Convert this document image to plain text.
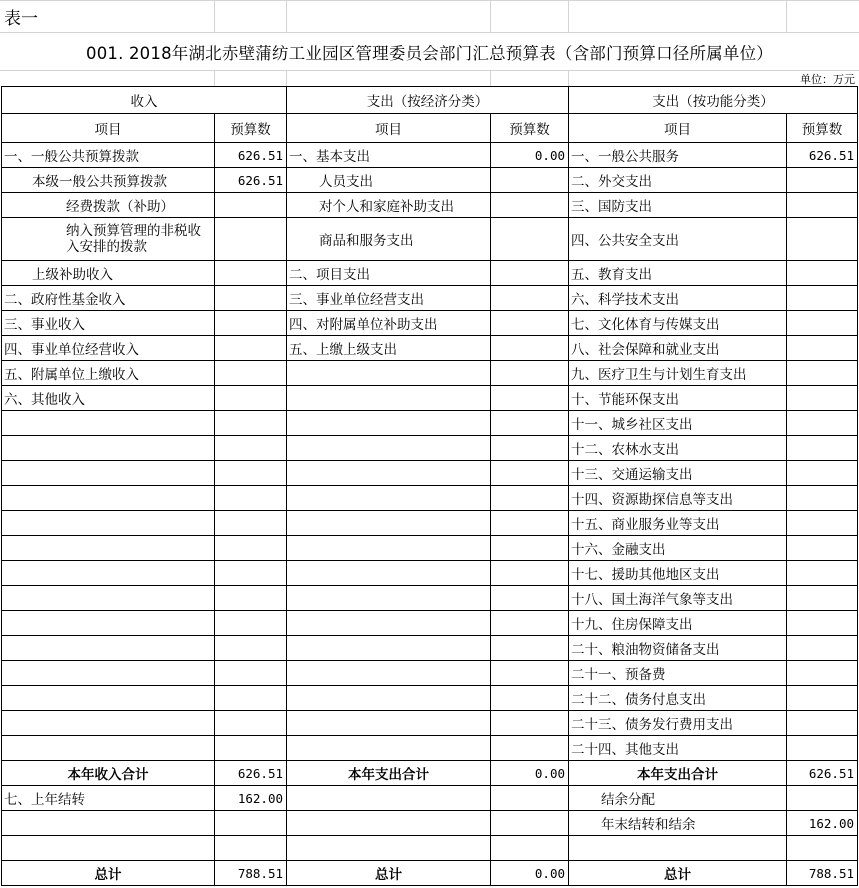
表一
001. 2018年湖北赤壁蒲纺工业园区管理委员会部门汇总预算表（含部门预算口径所属单位）
单位：万元
收入		支出（按经济分类）		支出（按功能分类）	
项目	预算数	项目	预算数	项目	预算数
一、一般公共预算拨款	626.51	一、基本支出	0.00	一、一般公共服务	626.51
本级一般公共预算拨款	626.51	人员支出		二、外交支出	
经费拨款（补助）		对个人和家庭补助支出		三、国防支出	
纳入预算管理的非税收入安排的拨款		商品和服务支出		四、公共安全支出	
上级补助收入		二、项目支出		五、教育支出	
二、政府性基金收入		三、事业单位经营支出		六、科学技术支出	
三、事业收入		四、对附属单位补助支出		七、文化体育与传媒支出	
四、事业单位经营收入		五、上缴上级支出		八、社会保障和就业支出	
五、附属单位上缴收入				九、医疗卫生与计划生育支出	
六、其他收入				十、节能环保支出	
				十一、城乡社区支出	
				十二、农林水支出	
				十三、交通运输支出	
				十四、资源勘探信息等支出	
				十五、商业服务业等支出	
				十六、金融支出	
				十七、援助其他地区支出	
				十八、国土海洋气象等支出	
				十九、住房保障支出	
				二十、粮油物资储备支出	
				二十一、预备费	
				二十二、债务付息支出	
				二十三、债务发行费用支出	
				二十四、其他支出	
本年收入合计	626.51	本年支出合计	0.00	本年支出合计	626.51
七、上年结转	162.00			结余分配	
				年末结转和结余	162.00

总计	788.51	总计	0.00	总计	788.51
